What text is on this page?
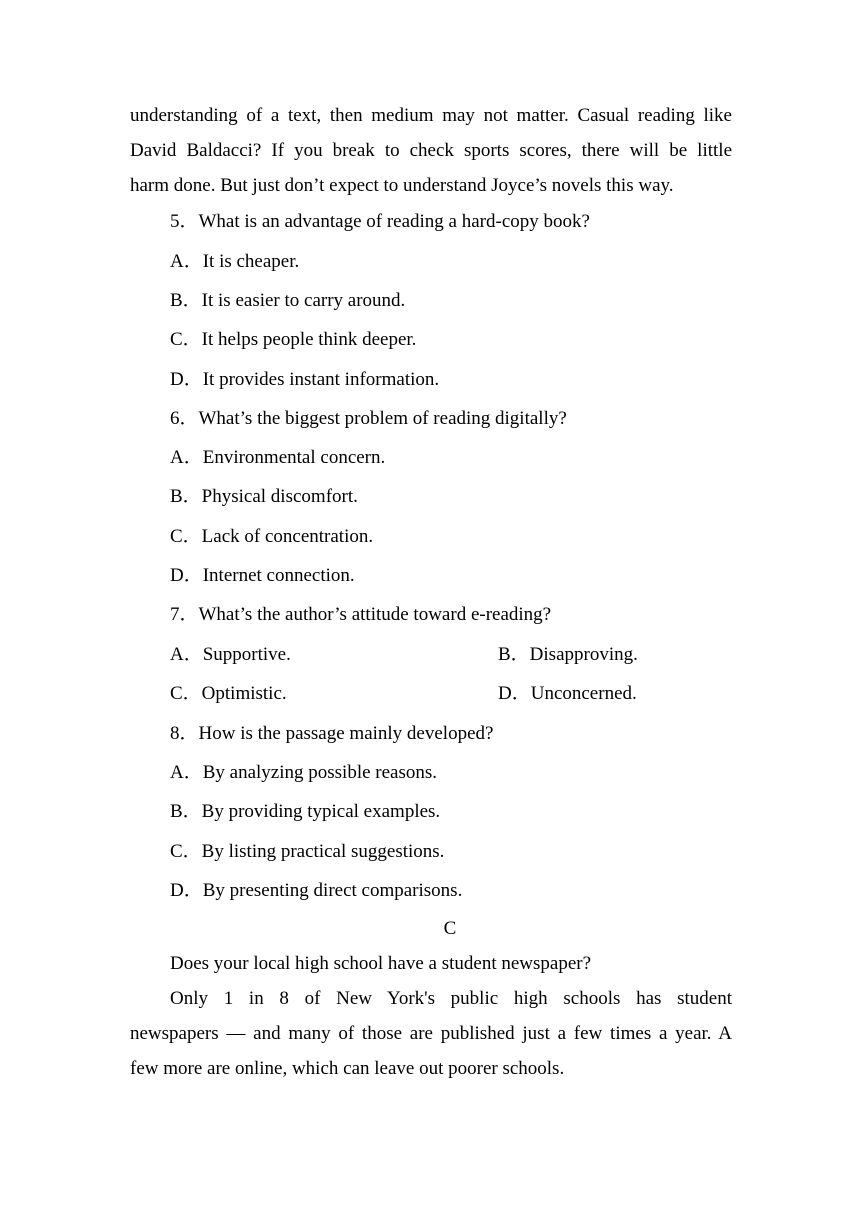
understanding of a text, then medium may not matter. Casual reading like
David Baldacci? If you break to check sports scores, there will be little
harm done. But just don’t expect to understand Joyce’s novels this way.
5．What is an advantage of reading a hard-copy book?
A．It is cheaper.
B．It is easier to carry around.
C．It helps people think deeper.
D．It provides instant information.
6．What’s the biggest problem of reading digitally?
A．Environmental concern.
B．Physical discomfort.
C．Lack of concentration.
D．Internet connection.
7．What’s the author’s attitude toward e-reading?
A．Supportive.	B．Disapproving.
C．Optimistic.	D．Unconcerned.
8．How is the passage mainly developed?
A．By analyzing possible reasons.
B．By providing typical examples.
C．By listing practical suggestions.
D．By presenting direct comparisons.
C
Does your local high school have a student newspaper?
Only 1 in 8 of New York's public high schools has student
newspapers — and many of those are published just a few times a year. A
few more are online, which can leave out poorer schools.
